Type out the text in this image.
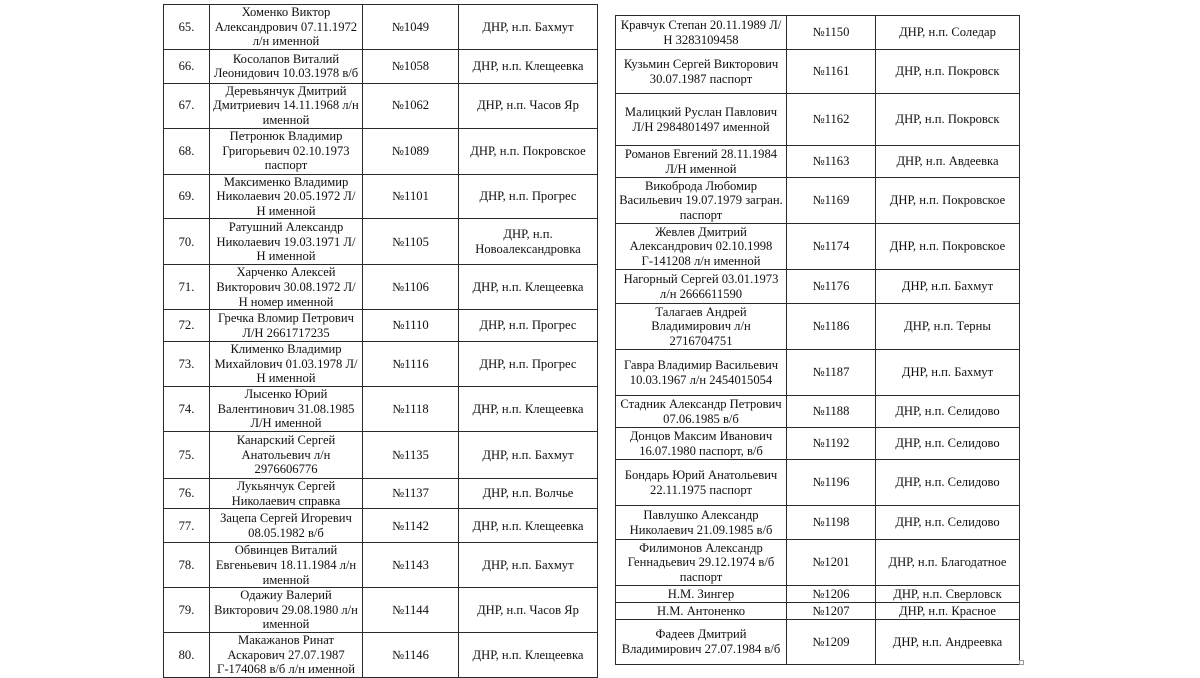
65.	Хоменко Виктор Александрович 07.11.1972 л/н именной	№1049	ДНР, н.п. Бахмут
66.	Косолапов Виталий Леонидович 10.03.1978 в/б	№1058	ДНР, н.п. Клещеевка
67.	Деревьянчук Дмитрий Дмитриевич 14.11.1968 л/н именной	№1062	ДНР, н.п. Часов Яр
68.	Петронюк Владимир Григорьевич 02.10.1973 паспорт	№1089	ДНР, н.п. Покровское
69.	Максименко Владимир Николаевич 20.05.1972 Л/Н именной	№1101	ДНР, н.п. Прогрес
70.	Ратушний Александр Николаевич 19.03.1971 Л/Н именной	№1105	ДНР, н.п. Новоалександровка
71.	Харченко Алексей Викторович 30.08.1972 Л/Н номер именной	№1106	ДНР, н.п. Клещеевка
72.	Гречка Вломир Петрович Л/Н 2661717235	№1110	ДНР, н.п. Прогрес
73.	Клименко Владимир Михайлович 01.03.1978 Л/Н именной	№1116	ДНР, н.п. Прогрес
74.	Лысенко Юрий Валентинович 31.08.1985 Л/Н именной	№1118	ДНР, н.п. Клещеевка
75.	Канарский Сергей Анатольевич л/н 2976606776	№1135	ДНР, н.п. Бахмут
76.	Лукьянчук Сергей Николаевич справка	№1137	ДНР, н.п. Волчье
77.	Зацепа Сергей Игоревич 08.05.1982 в/б	№1142	ДНР, н.п. Клещеевка
78.	Обвинцев Виталий Евгеньевич 18.11.1984 л/н именной	№1143	ДНР, н.п. Бахмут
79.	Одажиу Валерий Викторович 29.08.1980 л/н именной	№1144	ДНР, н.п. Часов Яр
80.	Макажанов Ринат Аскарович 27.07.1987 Г-174068 в/б л/н именной	№1146	ДНР, н.п. Клещеевка
Кравчук Степан 20.11.1989 Л/Н 3283109458	№1150	ДНР, н.п. Соледар
Кузьмин Сергей Викторович 30.07.1987 паспорт	№1161	ДНР, н.п. Покровск
Малицкий Руслан Павлович Л/Н 2984801497 именной	№1162	ДНР, н.п. Покровск
Романов Евгений 28.11.1984 Л/Н именной	№1163	ДНР, н.п. Авдеевка
Викоброда Любомир Васильевич 19.07.1979 загран. паспорт	№1169	ДНР, н.п. Покровское
Жевлев Дмитрий Александрович 02.10.1998 Г-141208 л/н именной	№1174	ДНР, н.п. Покровское
Нагорный Сергей 03.01.1973 л/н 2666611590	№1176	ДНР, н.п. Бахмут
Талагаев Андрей Владимирович л/н 2716704751	№1186	ДНР, н.п. Терны
Гавра Владимир Васильевич 10.03.1967 л/н 2454015054	№1187	ДНР, н.п. Бахмут
Стадник Александр Петрович 07.06.1985 в/б	№1188	ДНР, н.п. Селидово
Донцов Максим Иванович 16.07.1980 паспорт, в/б	№1192	ДНР, н.п. Селидово
Бондарь Юрий Анатольевич 22.11.1975 паспорт	№1196	ДНР, н.п. Селидово
Павлушко Александр Николаевич 21.09.1985 в/б	№1198	ДНР, н.п. Селидово
Филимонов Александр Геннадьевич 29.12.1974 в/б паспорт	№1201	ДНР, н.п. Благодатное
Н.М. Зингер	№1206	ДНР, н.п. Сверловск
Н.М. Антоненко	№1207	ДНР, н.п. Красное
Фадеев Дмитрий Владимирович 27.07.1984 в/б	№1209	ДНР, н.п. Андреевка
